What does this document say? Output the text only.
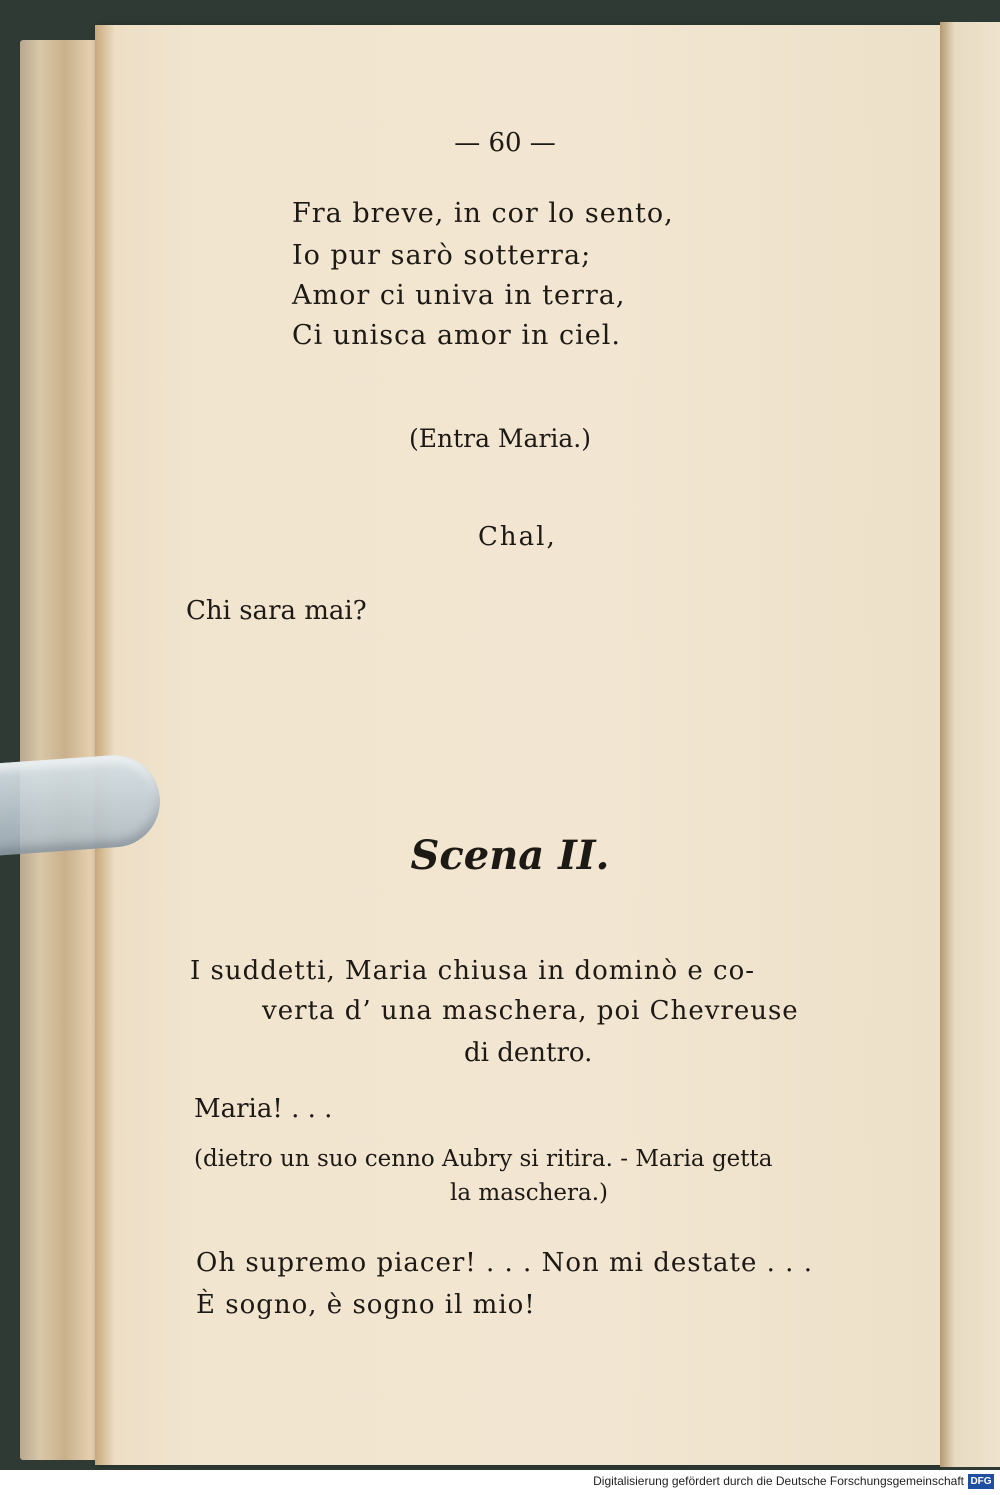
— 60 —
Fra breve, in cor lo sento,
Io pur sarò sotterra;
Amor ci univa in terra,
Ci unisca amor in ciel.
(Entra Maria.)
Chal,
Chi sara mai?
Scena II.
I suddetti, Maria chiusa in dominò e co-
verta d’ una maschera, poi Chevreuse
di dentro.
Maria! . . .
(dietro un suo cenno Aubry si ritira. - Maria getta
la maschera.)
Oh supremo piacer! . . . Non mi destate . . .
È sogno, è sogno il mio!
Digitalisierung gefördert durch die Deutsche Forschungsgemeinschaft DFG
